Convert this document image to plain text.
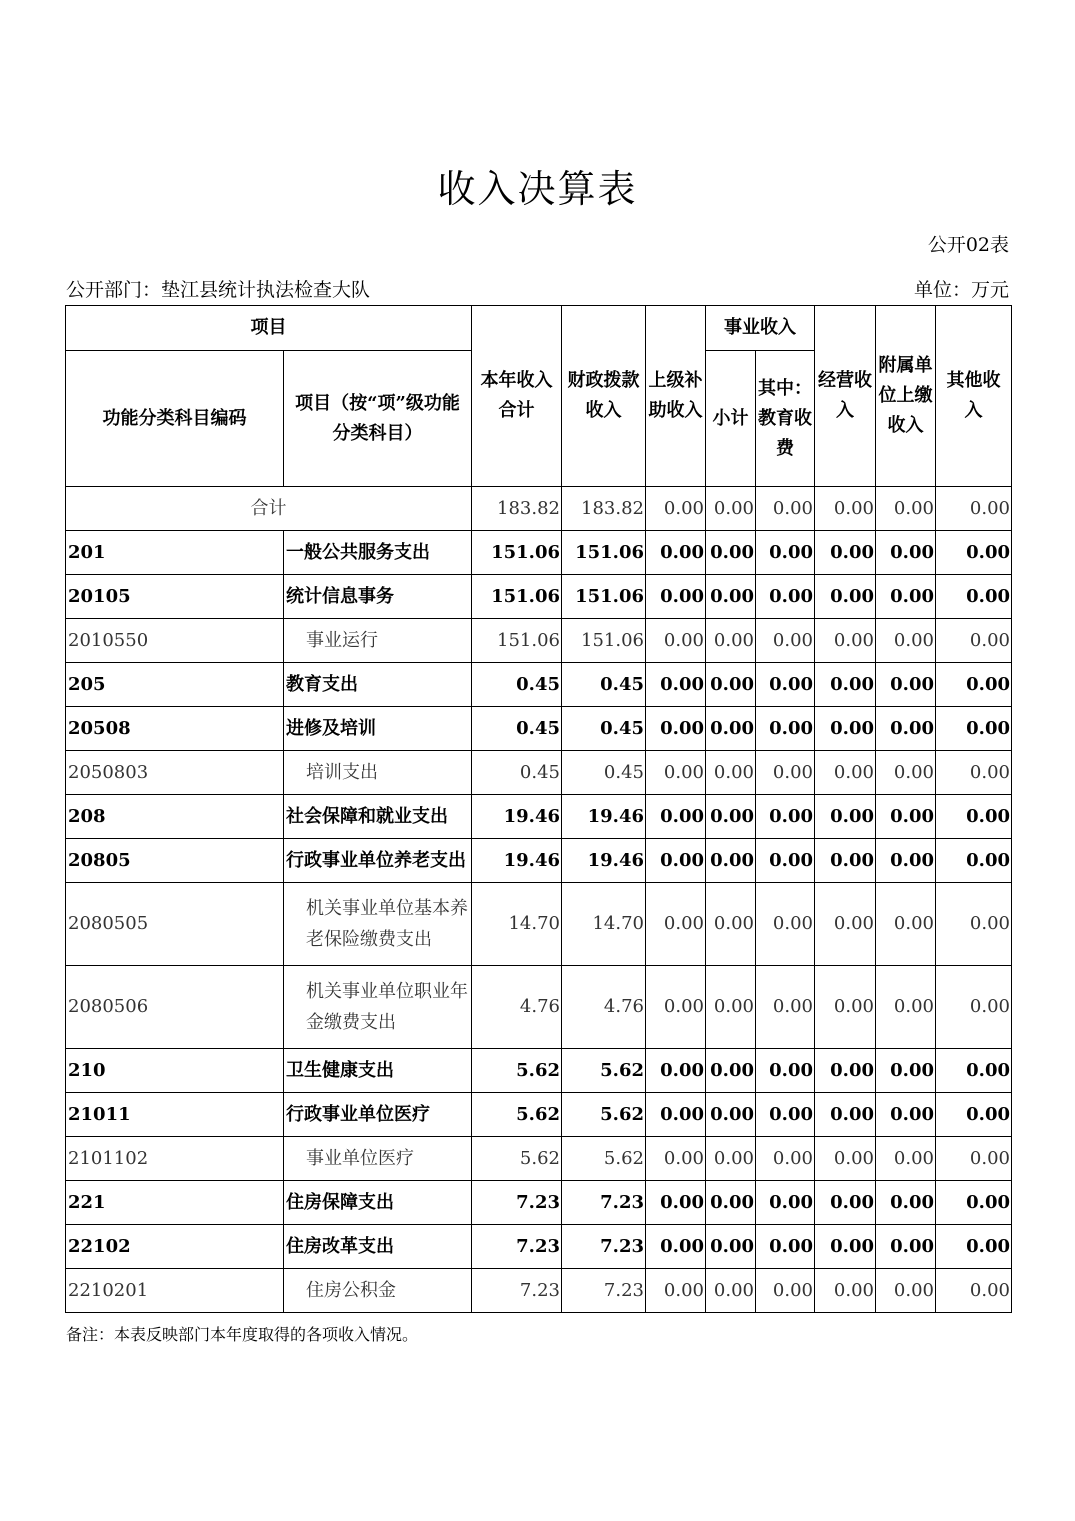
收入决算表
公开02表
公开部门：垫江县统计执法检查大队	单位：万元
项目		本年收入合计	财政拨款收入	上级补助收入	事业收入		经营收入	附属单位上缴收入	其他收入
功能分类科目编码	项目（按“项”级功能分类科目）				小计	其中：教育收费			
合计		183.82	183.82	0.00	0.00	0.00	0.00	0.00	0.00
201	一般公共服务支出	151.06	151.06	0.00	0.00	0.00	0.00	0.00	0.00
20105	统计信息事务	151.06	151.06	0.00	0.00	0.00	0.00	0.00	0.00
2010550	事业运行	151.06	151.06	0.00	0.00	0.00	0.00	0.00	0.00
205	教育支出	0.45	0.45	0.00	0.00	0.00	0.00	0.00	0.00
20508	进修及培训	0.45	0.45	0.00	0.00	0.00	0.00	0.00	0.00
2050803	培训支出	0.45	0.45	0.00	0.00	0.00	0.00	0.00	0.00
208	社会保障和就业支出	19.46	19.46	0.00	0.00	0.00	0.00	0.00	0.00
20805	行政事业单位养老支出	19.46	19.46	0.00	0.00	0.00	0.00	0.00	0.00
2080505	机关事业单位基本养老保险缴费支出	14.70	14.70	0.00	0.00	0.00	0.00	0.00	0.00
2080506	机关事业单位职业年金缴费支出	4.76	4.76	0.00	0.00	0.00	0.00	0.00	0.00
210	卫生健康支出	5.62	5.62	0.00	0.00	0.00	0.00	0.00	0.00
21011	行政事业单位医疗	5.62	5.62	0.00	0.00	0.00	0.00	0.00	0.00
2101102	事业单位医疗	5.62	5.62	0.00	0.00	0.00	0.00	0.00	0.00
221	住房保障支出	7.23	7.23	0.00	0.00	0.00	0.00	0.00	0.00
22102	住房改革支出	7.23	7.23	0.00	0.00	0.00	0.00	0.00	0.00
2210201	住房公积金	7.23	7.23	0.00	0.00	0.00	0.00	0.00	0.00
备注：本表反映部门本年度取得的各项收入情况。
